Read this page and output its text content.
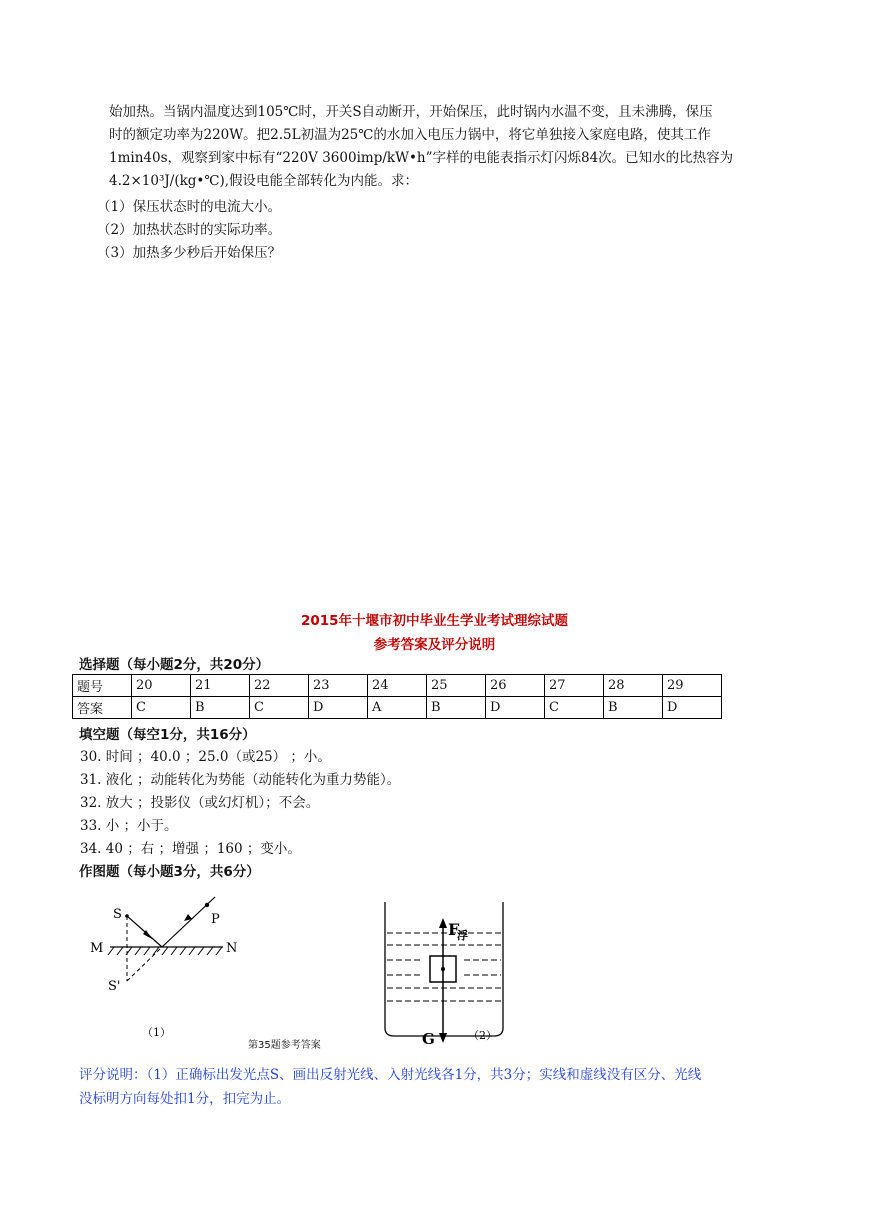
始加热。当锅内温度达到105℃时，开关S自动断开，开始保压，此时锅内水温不变，且未沸腾，保压

时的额定功率为220W。把2.5L初温为25℃的水加入电压力锅中，将它单独接入家庭电路，使其工作

1min40s，观察到家中标有“220V 3600imp/kW•h”字样的电能表指示灯闪烁84次。已知水的比热容为

4.2×10³J/(kg•℃),假设电能全部转化为内能。求：

（1）保压状态时的电流大小。

（2）加热状态时的实际功率。

（3）加热多少秒后开始保压？

2015年十堰市初中毕业生学业考试理综试题
参考答案及评分说明
选择题（每小题2分，共20分）
题号	20	21	22	23	24	25	26	27	28	29
答案	C	B	C	D	A	B	D	C	B	D
填空题（每空1分，共16分）
30. 时间 ；40.0 ；25.0（或25） ；小。
31. 液化 ；动能转化为势能（动能转化为重力势能）。
32. 放大 ；投影仪（或幻灯机）；不会。
33. 小 ；小于。
34. 40 ；右 ；增强 ；160 ；变小。
作图题（每小题3分，共6分）
S	P
M	N
S'
（1）
第35题参考答案
F
浮
G	（2）

评分说明：（1）正确标出发光点S、画出反射光线、入射光线各1分，共3分；实线和虚线没有区分、光线

没标明方向每处扣1分，扣完为止。
